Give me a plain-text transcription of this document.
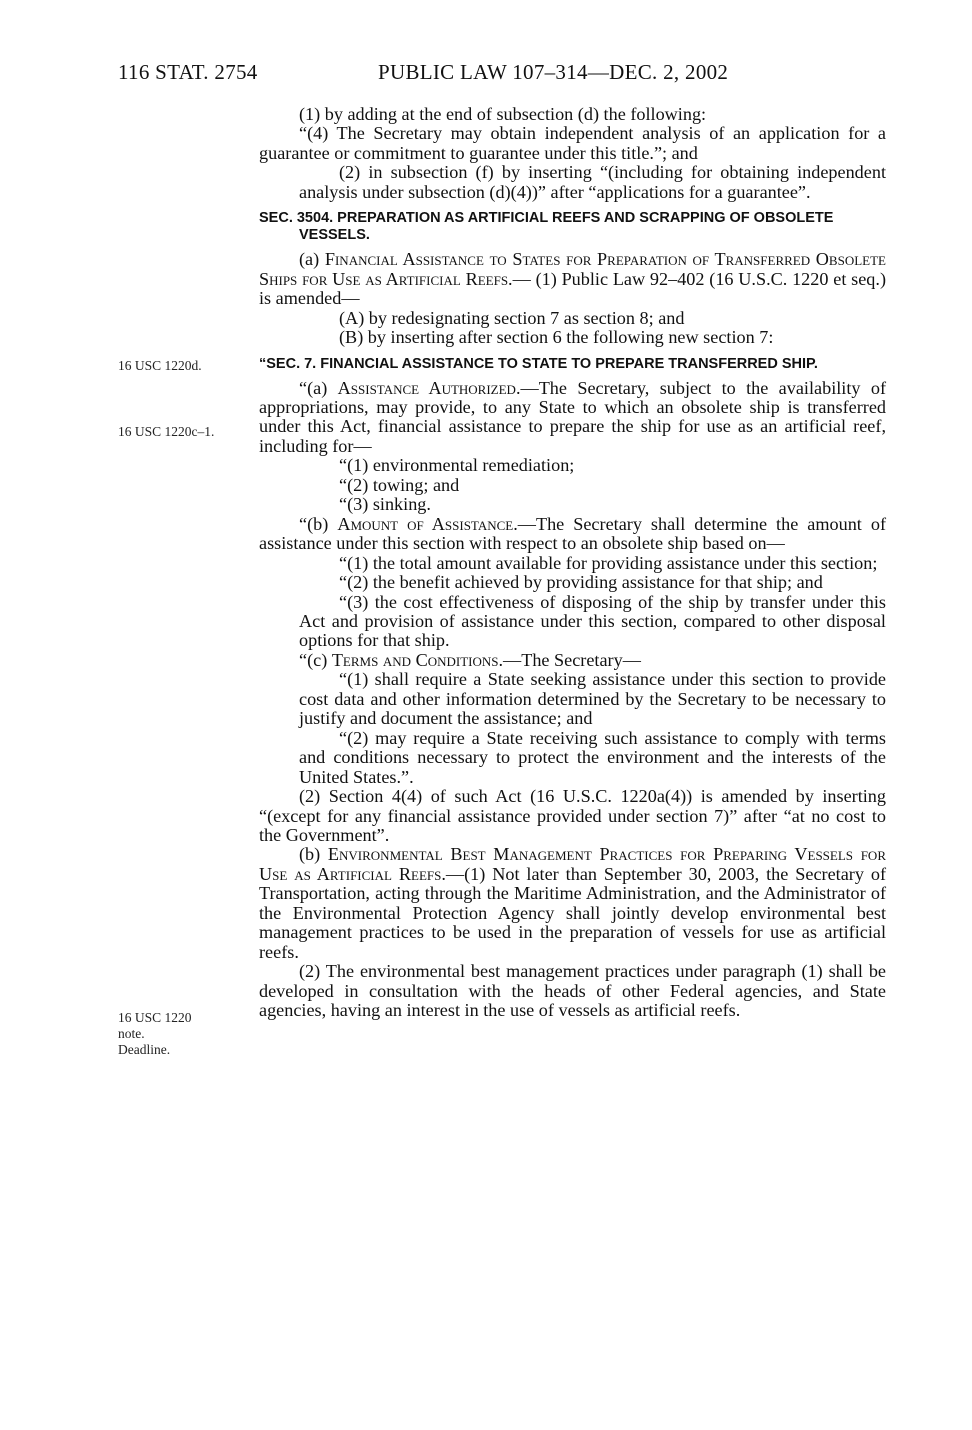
116 STAT. 2754	PUBLIC LAW 107–314—DEC. 2, 2002
16 USC 1220d.
16 USC 1220c–1.
16 USC 1220
note.
Deadline.

(1) by adding at the end of subsection (d) the following:

“(4) The Secretary may obtain independent analysis of an application for a guarantee or commitment to guarantee under this title.”; and

(2) in subsection (f) by inserting “(including for obtaining independent analysis under subsection (d)(4))” after “applications for a guarantee”.

SEC. 3504. PREPARATION AS ARTIFICIAL REEFS AND SCRAPPING OF OBSOLETE VESSELS.

(a) Financial Assistance to States for Preparation of Transferred Obsolete Ships for Use as Artificial Reefs.— (1) Public Law 92–402 (16 U.S.C. 1220 et seq.) is amended—

(A) by redesignating section 7 as section 8; and

(B) by inserting after section 6 the following new section 7:

“SEC. 7. FINANCIAL ASSISTANCE TO STATE TO PREPARE TRANSFERRED SHIP.

“(a) Assistance Authorized.—The Secretary, subject to the availability of appropriations, may provide, to any State to which an obsolete ship is transferred under this Act, financial assistance to prepare the ship for use as an artificial reef, including for—

“(1) environmental remediation;

“(2) towing; and

“(3) sinking.

“(b) Amount of Assistance.—The Secretary shall determine the amount of assistance under this section with respect to an obsolete ship based on—

“(1) the total amount available for providing assistance under this section;

“(2) the benefit achieved by providing assistance for that ship; and

“(3) the cost effectiveness of disposing of the ship by transfer under this Act and provision of assistance under this section, compared to other disposal options for that ship.

“(c) Terms and Conditions.—The Secretary—

“(1) shall require a State seeking assistance under this section to provide cost data and other information determined by the Secretary to be necessary to justify and document the assistance; and

“(2) may require a State receiving such assistance to comply with terms and conditions necessary to protect the environment and the interests of the United States.”.

(2) Section 4(4) of such Act (16 U.S.C. 1220a(4)) is amended by inserting “(except for any financial assistance provided under section 7)” after “at no cost to the Government”.

(b) Environmental Best Management Practices for Preparing Vessels for Use as Artificial Reefs.—(1) Not later than September 30, 2003, the Secretary of Transportation, acting through the Maritime Administration, and the Administrator of the Environmental Protection Agency shall jointly develop environmental best management practices to be used in the preparation of vessels for use as artificial reefs.

(2) The environmental best management practices under paragraph (1) shall be developed in consultation with the heads of other Federal agencies, and State agencies, having an interest in the use of vessels as artificial reefs.
